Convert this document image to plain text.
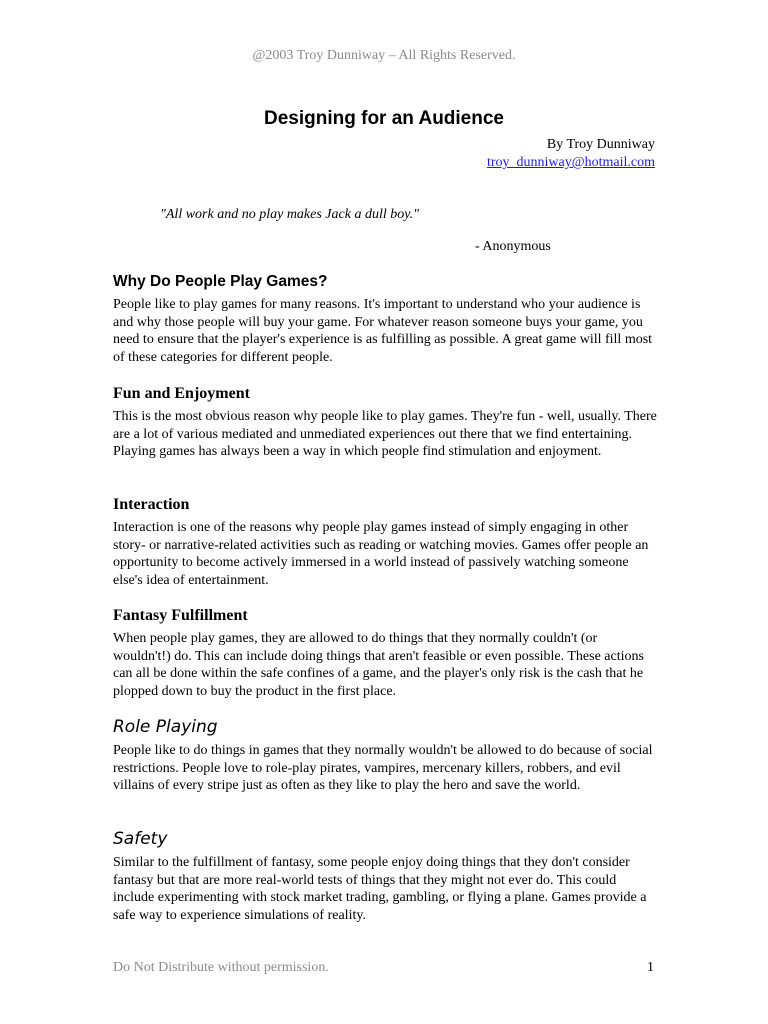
@2003 Troy Dunniway – All Rights Reserved.
Designing for an Audience
By Troy Dunniway
troy_dunniway@hotmail.com
"All work and no play makes Jack a dull boy."
- Anonymous
Why Do People Play Games?

People like to play games for many reasons. It's important to understand who your audience is and why those people will buy your game. For whatever reason someone buys your game, you need to ensure that the player's experience is as fulfilling as possible. A great game will fill most of these categories for different people.

Fun and Enjoyment

This is the most obvious reason why people like to play games. They're fun - well, usually. There are a lot of various mediated and unmediated experiences out there that we find entertaining. Playing games has always been a way in which people find stimulation and enjoyment.

Interaction

Interaction is one of the reasons why people play games instead of simply engaging in other story- or narrative-related activities such as reading or watching movies. Games offer people an opportunity to become actively immersed in a world instead of passively watching someone else's idea of entertainment.

Fantasy Fulfillment

When people play games, they are allowed to do things that they normally couldn't (or wouldn't!) do. This can include doing things that aren't feasible or even possible. These actions can all be done within the safe confines of a game, and the player's only risk is the cash that he plopped down to buy the product in the first place.

Role Playing

People like to do things in games that they normally wouldn't be allowed to do because of social restrictions. People love to role-play pirates, vampires, mercenary killers, robbers, and evil villains of every stripe just as often as they like to play the hero and save the world.

Safety

Similar to the fulfillment of fantasy, some people enjoy doing things that they don't consider fantasy but that are more real-world tests of things that they might not ever do. This could include experimenting with stock market trading, gambling, or flying a plane. Games provide a safe way to experience simulations of reality.

Do Not Distribute without permission.	1
